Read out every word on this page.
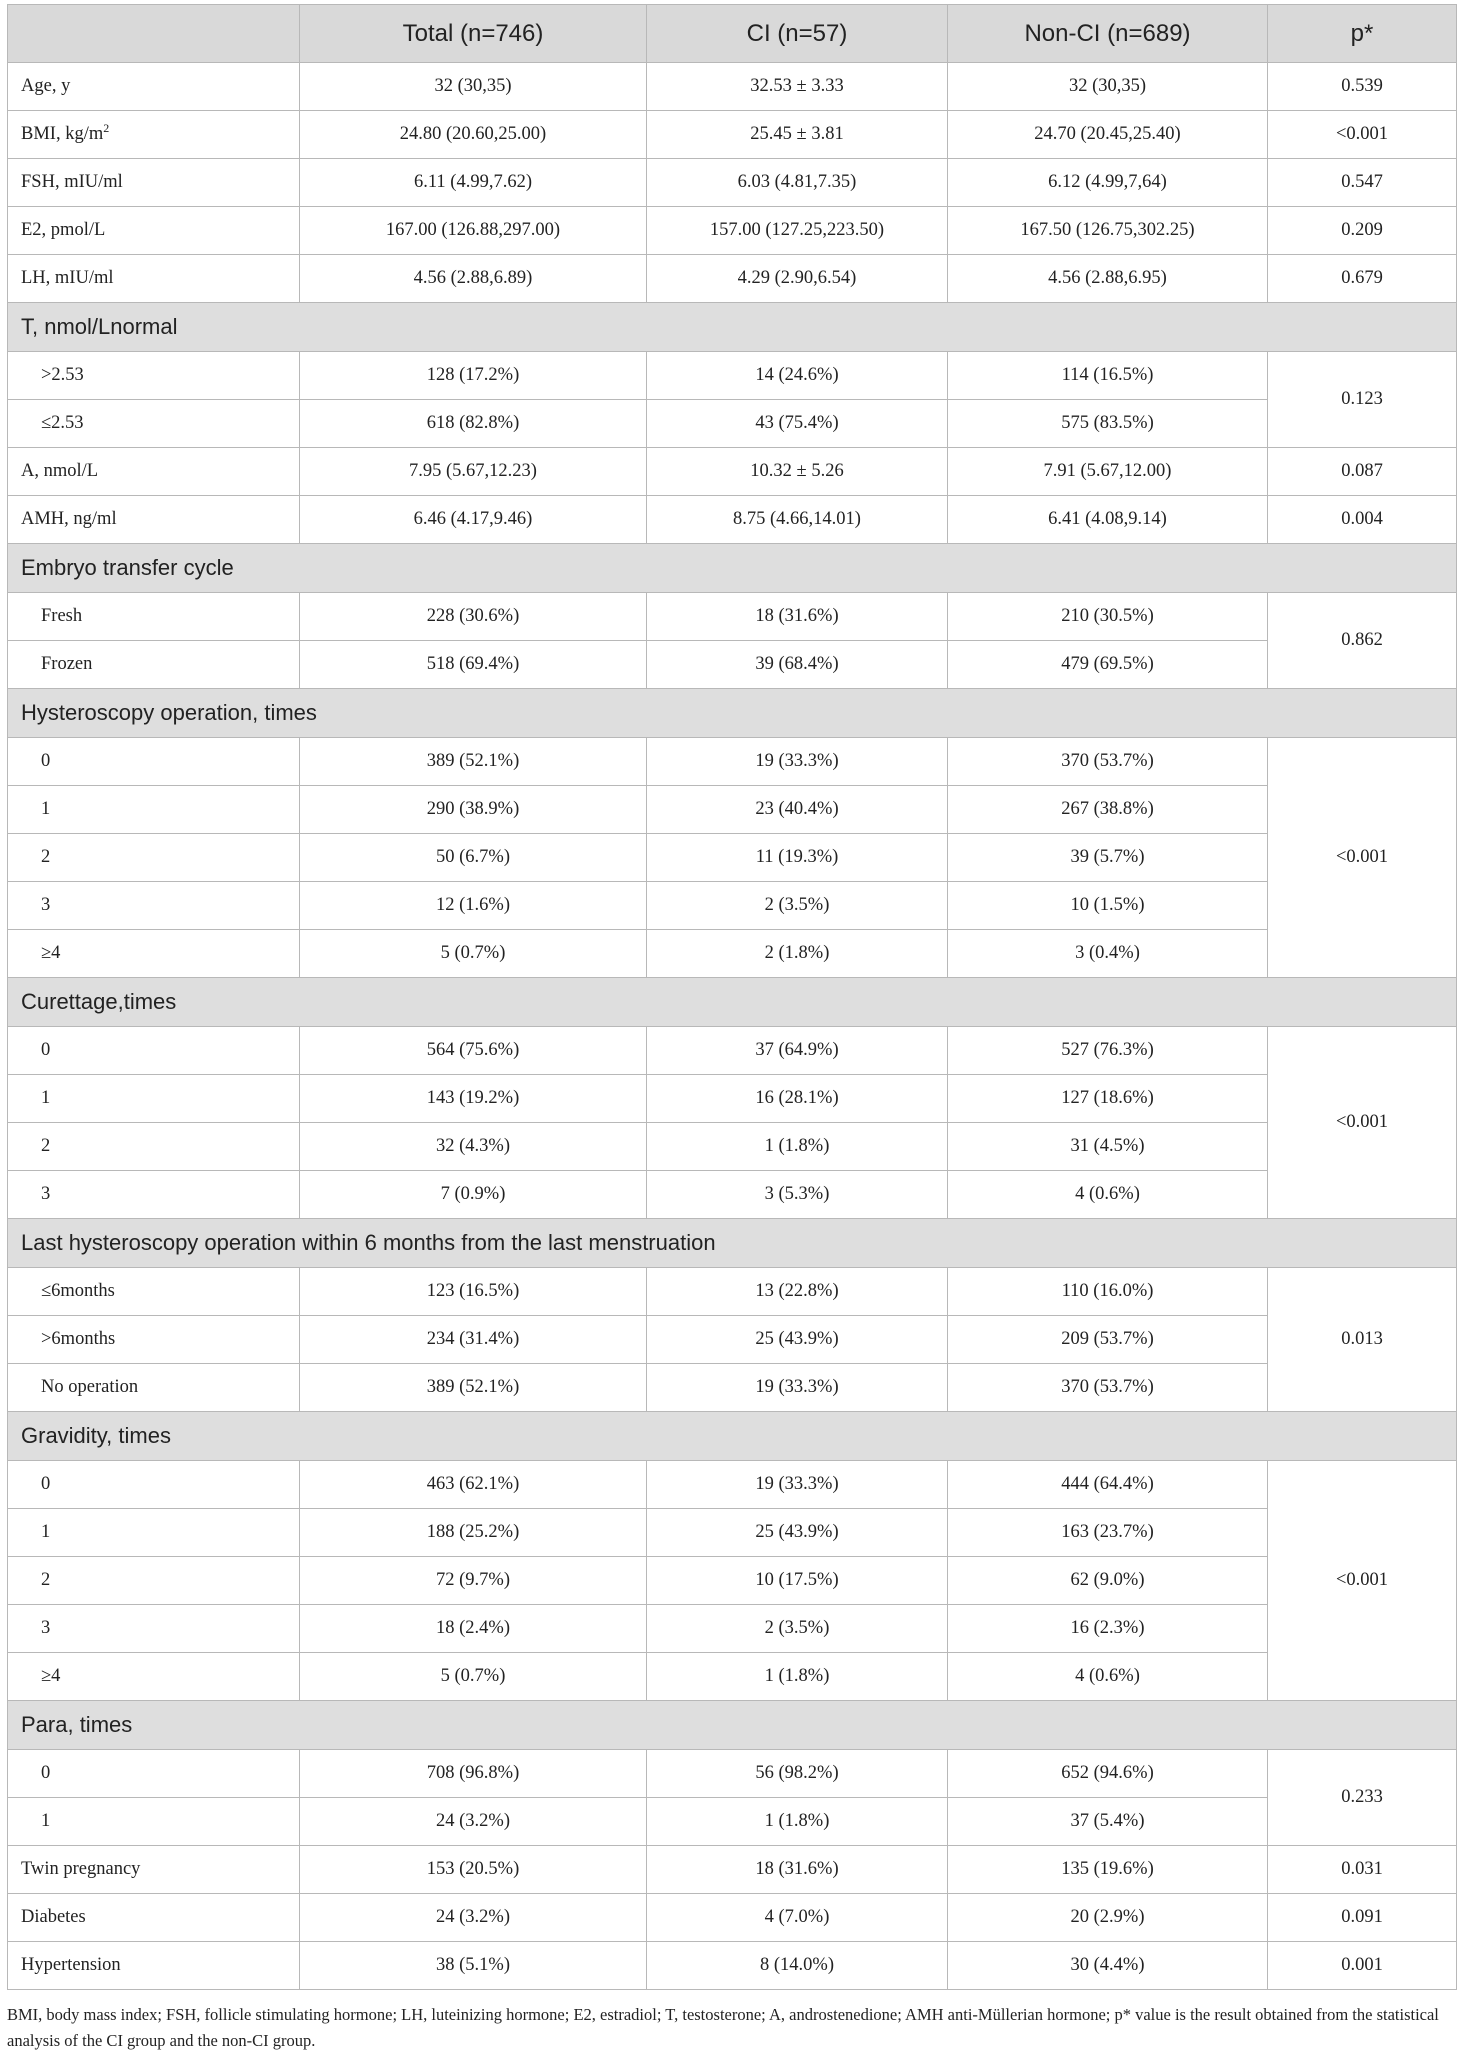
	Total (n=746)	CI (n=57)	Non-CI (n=689)	p*
Age, y	32 (30,35)	32.53 ± 3.33	32 (30,35)	0.539
BMI, $kg/m^2$	24.80 (20.60,25.00)	25.45 ± 3.81	24.70 (20.45,25.40)	<0.001
FSH, mIU/ml	6.11 (4.99,7.62)	6.03 (4.81,7.35)	6.12 (4.99,7,64)	0.547
E2, pmol/L	167.00 (126.88,297.00)	157.00 (127.25,223.50)	167.50 (126.75,302.25)	0.209
LH, mIU/ml	4.56 (2.88,6.89)	4.29 (2.90,6.54)	4.56 (2.88,6.95)	0.679
T, nmol/Lnormal				
>2.53	128 (17.2%)	14 (24.6%)	114 (16.5%)	0.123
≤2.53	618 (82.8%)	43 (75.4%)	575 (83.5%)	
A, nmol/L	7.95 (5.67,12.23)	10.32 ± 5.26	7.91 (5.67,12.00)	0.087
AMH, ng/ml	6.46 (4.17,9.46)	8.75 (4.66,14.01)	6.41 (4.08,9.14)	0.004
Embryo transfer cycle				
Fresh	228 (30.6%)	18 (31.6%)	210 (30.5%)	0.862
Frozen	518 (69.4%)	39 (68.4%)	479 (69.5%)	
Hysteroscopy operation, times				
0	389 (52.1%)	19 (33.3%)	370 (53.7%)	<0.001
1	290 (38.9%)	23 (40.4%)	267 (38.8%)	
2	50 (6.7%)	11 (19.3%)	39 (5.7%)	
3	12 (1.6%)	2 (3.5%)	10 (1.5%)	
≥4	5 (0.7%)	2 (1.8%)	3 (0.4%)	
Curettage,times				
0	564 (75.6%)	37 (64.9%)	527 (76.3%)	<0.001
1	143 (19.2%)	16 (28.1%)	127 (18.6%)	
2	32 (4.3%)	1 (1.8%)	31 (4.5%)	
3	7 (0.9%)	3 (5.3%)	4 (0.6%)	
Last hysteroscopy operation within 6 months from the last menstruation				
≤6months	123 (16.5%)	13 (22.8%)	110 (16.0%)	0.013
>6months	234 (31.4%)	25 (43.9%)	209 (53.7%)	
No operation	389 (52.1%)	19 (33.3%)	370 (53.7%)	
Gravidity, times				
0	463 (62.1%)	19 (33.3%)	444 (64.4%)	<0.001
1	188 (25.2%)	25 (43.9%)	163 (23.7%)	
2	72 (9.7%)	10 (17.5%)	62 (9.0%)	
3	18 (2.4%)	2 (3.5%)	16 (2.3%)	
≥4	5 (0.7%)	1 (1.8%)	4 (0.6%)	
Para, times				
0	708 (96.8%)	56 (98.2%)	652 (94.6%)	0.233
1	24 (3.2%)	1 (1.8%)	37 (5.4%)	
Twin pregnancy	153 (20.5%)	18 (31.6%)	135 (19.6%)	0.031
Diabetes	24 (3.2%)	4 (7.0%)	20 (2.9%)	0.091
Hypertension	38 (5.1%)	8 (14.0%)	30 (4.4%)	0.001
BMI, body mass index; FSH, follicle stimulating hormone; LH, luteinizing hormone; E2, estradiol; T, testosterone; A, androstenedione; AMH anti-Müllerian hormone; p* value is the result obtained from the statistical analysis of the CI group and the non-CI group.
